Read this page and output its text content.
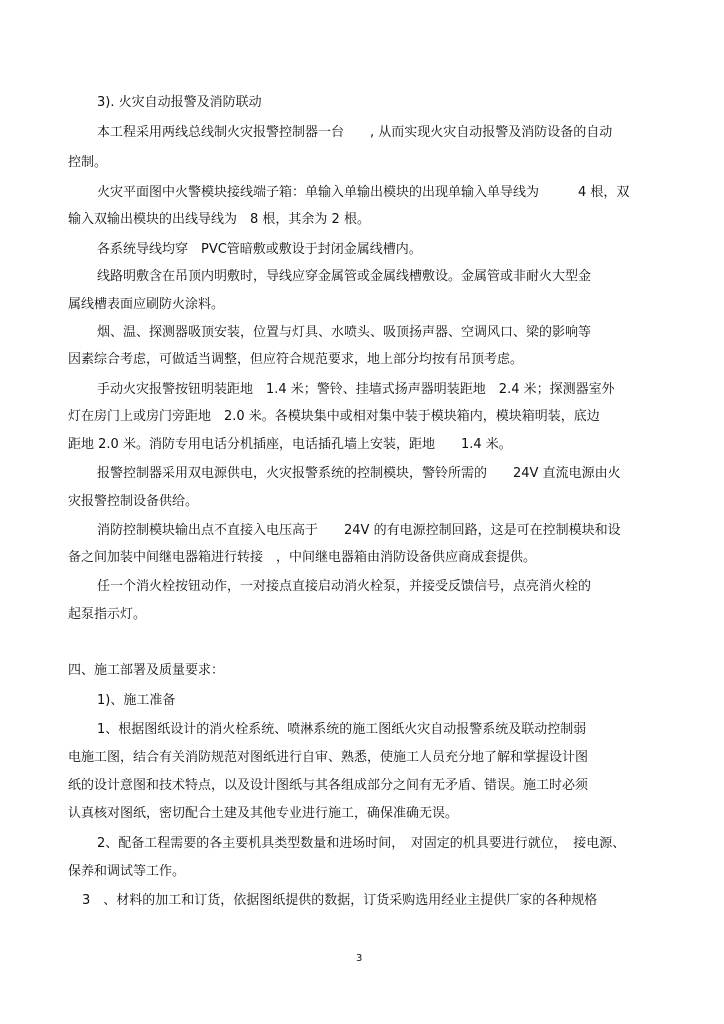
3). 火灾自动报警及消防联动
本工程采用两线总线制火灾报警控制器一台　　, 从而实现火灾自动报警及消防设备的自动
控制。
火灾平面图中火警模块接线端子箱：单输入单输出模块的出现单输入单导线为　　　4 根，双
输入双输出模块的出线导线为　8 根，其余为 2 根。
各系统导线均穿　PVC管暗敷或敷设于封闭金属线槽内。
线路明敷含在吊顶内明敷时，导线应穿金属管或金属线槽敷设。金属管或非耐火大型金
属线槽表面应刷防火涂料。
烟、温、探测器吸顶安装，位置与灯具、水喷头、吸顶扬声器、空调风口、梁的影响等
因素综合考虑，可做适当调整，但应符合规范要求，地上部分均按有吊顶考虑。
手动火灾报警按钮明装距地　1.4 米；警铃、挂墙式扬声器明装距地　2.4 米；探测器室外
灯在房门上或房门旁距地　2.0 米。各模块集中或相对集中装于模块箱内，模块箱明装，底边
距地 2.0 米。消防专用电话分机插座，电话插孔墙上安装，距地　　1.4 米。
报警控制器采用双电源供电，火灾报警系统的控制模块，警铃所需的　　24V 直流电源由火
灾报警控制设备供给。
消防控制模块输出点不直接入电压高于　　24V 的有电源控制回路，这是可在控制模块和设
备之间加装中间继电器箱进行转接　，中间继电器箱由消防设备供应商成套提供。
任一个消火栓按钮动作，一对接点直接启动消火栓泵，并接受反馈信号，点亮消火栓的
起泵指示灯。
四、施工部署及质量要求：
1)、施工准备
1、根据图纸设计的消火栓系统、喷淋系统的施工图纸火灾自动报警系统及联动控制弱
电施工图，结合有关消防规范对图纸进行自审、熟悉，使施工人员充分地了解和掌握设计图
纸的设计意图和技术特点，以及设计图纸与其各组成部分之间有无矛盾、错误。施工时必须
认真核对图纸，密切配合土建及其他专业进行施工，确保准确无误。
2、配备工程需要的各主要机具类型数量和进场时间，　对固定的机具要进行就位，　接电源、
保养和调试等工作。
3　、材料的加工和订货，依据图纸提供的数据，订货采购选用经业主提供厂家的各种规格
3
